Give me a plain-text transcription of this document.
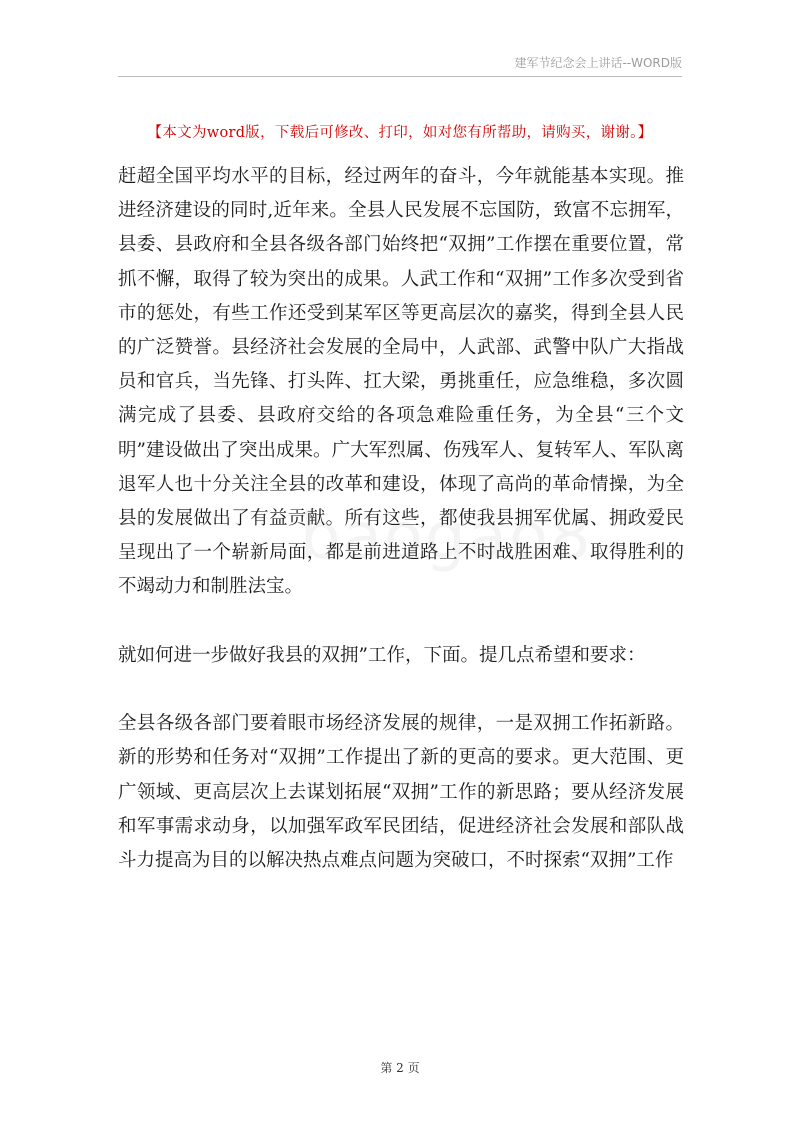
建军节纪念会上讲话--WORD版
【本文为word版，下载后可修改、打印，如对您有所帮助，请购买，谢谢。】

赶超全国平均水平的目标，经过两年的奋斗，今年就能基本实现。推进经济建设的同时,近年来。全县人民发展不忘国防，致富不忘拥军，县委、县政府和全县各级各部门始终把“双拥”工作摆在重要位置，常抓不懈，取得了较为突出的成果。人武工作和“双拥”工作多次受到省市的惩处，有些工作还受到某军区等更高层次的嘉奖，得到全县人民的广泛赞誉。县经济社会发展的全局中，人武部、武警中队广大指战员和官兵，当先锋、打头阵、扛大梁，勇挑重任，应急维稳，多次圆满完成了县委、县政府交给的各项急难险重任务，为全县“三个文明”建设做出了突出成果。广大军烈属、伤残军人、复转军人、军队离退军人也十分关注全县的改革和建设，体现了高尚的革命情操，为全县的发展做出了有益贡献。所有这些，都使我县拥军优属、拥政爱民呈现出了一个崭新局面，都是前进道路上不时战胜困难、取得胜利的不竭动力和制胜法宝。

就如何进一步做好我县的双拥”工作，下面。提几点希望和要求：

全县各级各部门要着眼市场经济发展的规律，一是双拥工作拓新路。新的形势和任务对“双拥”工作提出了新的更高的要求。更大范围、更广领域、更高层次上去谋划拓展“双拥”工作的新思路；要从经济发展和军事需求动身，以加强军政军民团结，促进经济社会发展和部队战斗力提高为目的以解决热点难点问题为突破口，不时探索“双拥”工作

第 2 页
